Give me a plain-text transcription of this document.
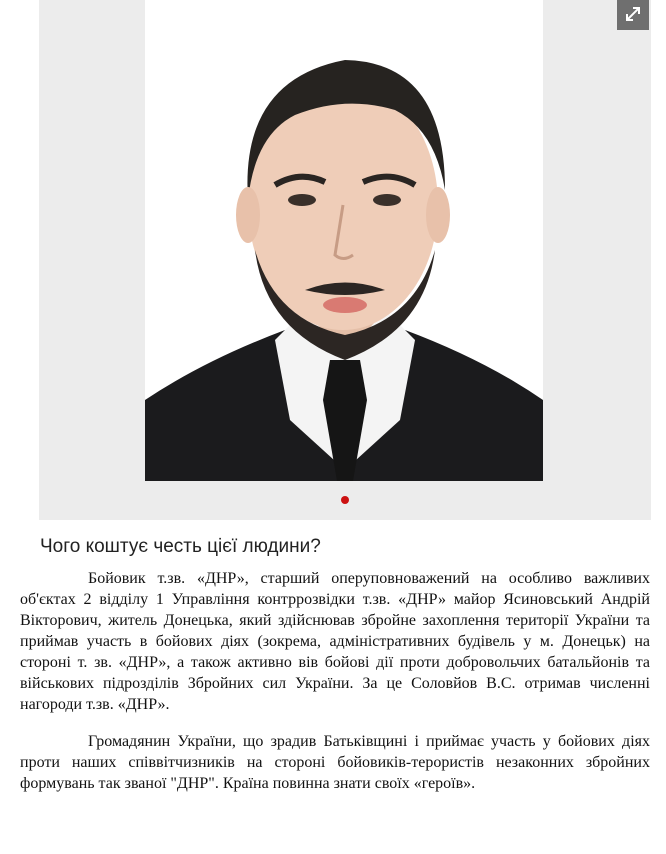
Чого коштує честь цієї людини?

Бойовик т.зв. «ДНР», старший оперуповноважений на особливо важливих об'єктах 2 відділу 1 Управління контррозвідки т.зв. «ДНР» майор Ясиновський Андрій Вікторович, житель Донецька, який здійснював збройне захоплення території України та приймав участь в бойових діях (зокрема, адміністративних будівель у м. Донецьк) на стороні т. зв. «ДНР», а також активно вів бойові дії проти добровольчих батальйонів та військових підрозділів Збройних сил України. За це Соловйов В.С. отримав численні нагороди т.зв. «ДНР».

Громадянин України, що зрадив Батьківщині і приймає участь у бойових діях проти наших співвітчизників на стороні бойовиків-терористів незаконних збройних формувань так званої "ДНР". Країна повинна знати своїх «героїв».
